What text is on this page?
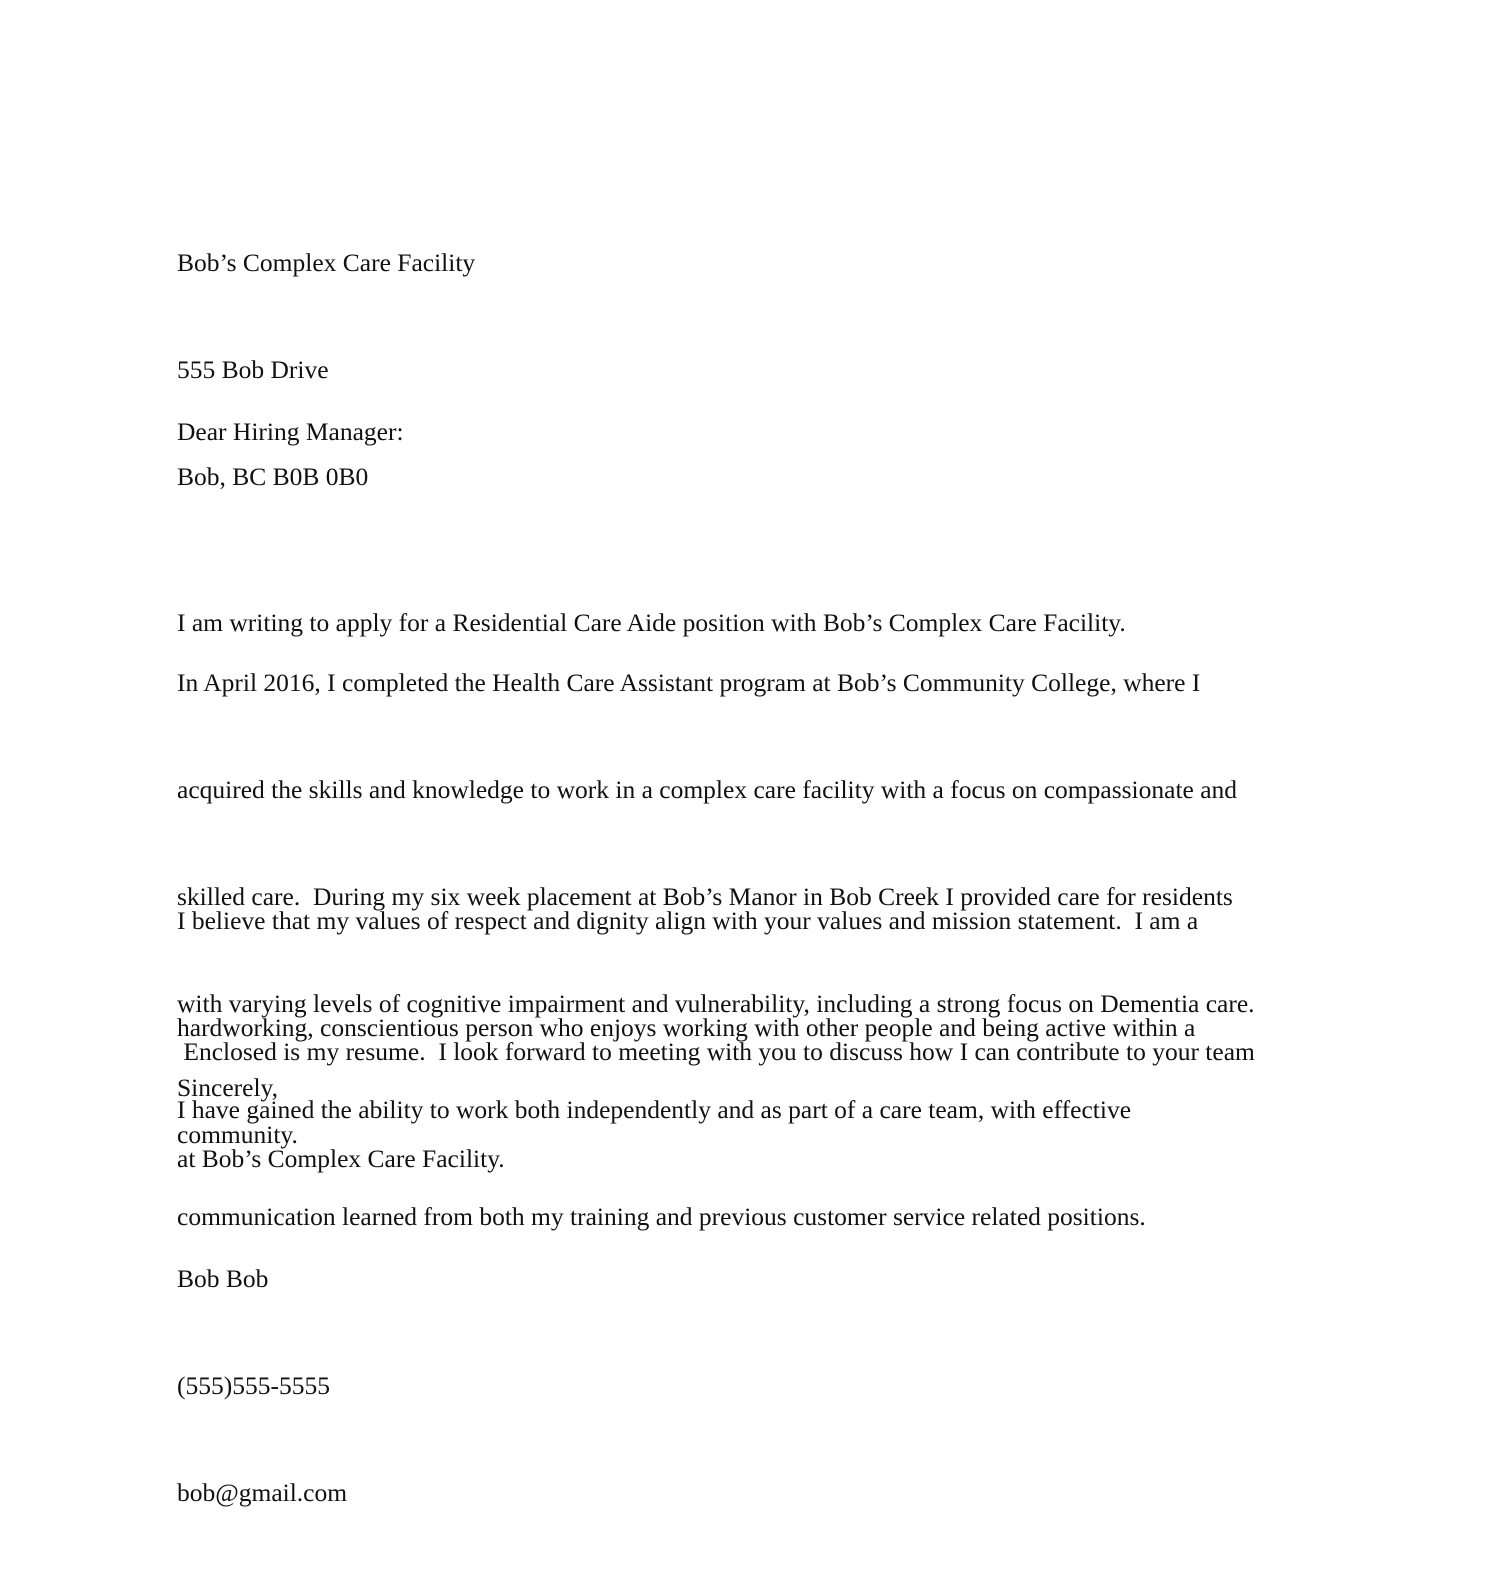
Bob’s Complex Care Facility

555 Bob Drive

Bob, BC B0B 0B0

Dear Hiring Manager:

I am writing to apply for a Residential Care Aide position with Bob’s Complex Care Facility.

In April 2016, I completed the Health Care Assistant program at Bob’s Community College, where I

acquired the skills and knowledge to work in a complex care facility with a focus on compassionate and

skilled care.  During my six week placement at Bob’s Manor in Bob Creek I provided care for residents

with varying levels of cognitive impairment and vulnerability, including a strong focus on Dementia care.

I have gained the ability to work both independently and as part of a care team, with effective

communication learned from both my training and previous customer service related positions.

I believe that my values of respect and dignity align with your values and mission statement.  I am a

hardworking, conscientious person who enjoys working with other people and being active within a

community.

Enclosed is my resume.  I look forward to meeting with you to discuss how I can contribute to your team

at Bob’s Complex Care Facility.

Sincerely,

Bob Bob

(555)555-5555

bob@gmail.com
